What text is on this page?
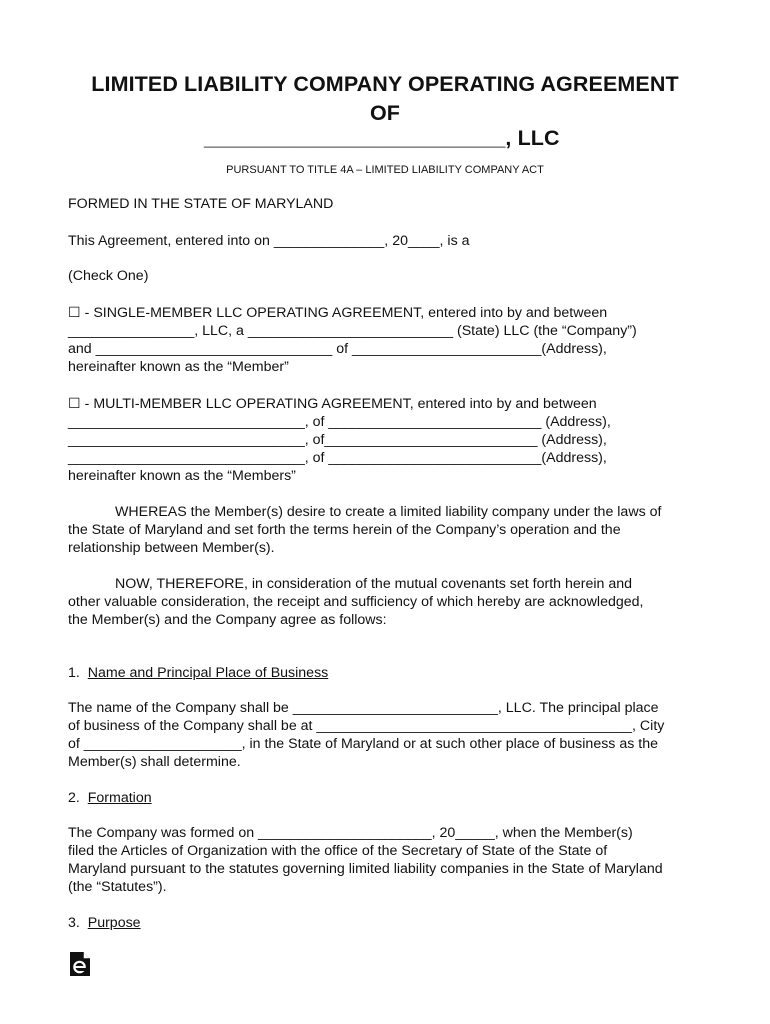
LIMITED LIABILITY COMPANY OPERATING AGREEMENT
OF
_________________________, LLC
PURSUANT TO TITLE 4A – LIMITED LIABILITY COMPANY ACT
FORMED IN THE STATE OF MARYLAND
This Agreement, entered into on ______________, 20____, is a
(Check One)
☐ - SINGLE-MEMBER LLC OPERATING AGREEMENT, entered into by and between
________________, LLC, a __________________________ (State) LLC (the “Company”)
and ______________________________ of ________________________(Address),
hereinafter known as the “Member”
☐ - MULTI-MEMBER LLC OPERATING AGREEMENT, entered into by and between
______________________________, of ___________________________ (Address),
______________________________, of___________________________ (Address),
______________________________, of ___________________________(Address),
hereinafter known as the “Members”
WHEREAS the Member(s) desire to create a limited liability company under the laws of
the State of Maryland and set forth the terms herein of the Company’s operation and the
relationship between Member(s).
NOW, THEREFORE, in consideration of the mutual covenants set forth herein and
other valuable consideration, the receipt and sufficiency of which hereby are acknowledged,
the Member(s) and the Company agree as follows:
1. Name and Principal Place of Business
The name of the Company shall be __________________________, LLC. The principal place
of business of the Company shall be at ________________________________________, City
of ____________________, in the State of Maryland or at such other place of business as the
Member(s) shall determine.
2. Formation
The Company was formed on ______________________, 20_____, when the Member(s)
filed the Articles of Organization with the office of the Secretary of State of the State of
Maryland pursuant to the statutes governing limited liability companies in the State of Maryland
(the “Statutes”).
3. Purpose
